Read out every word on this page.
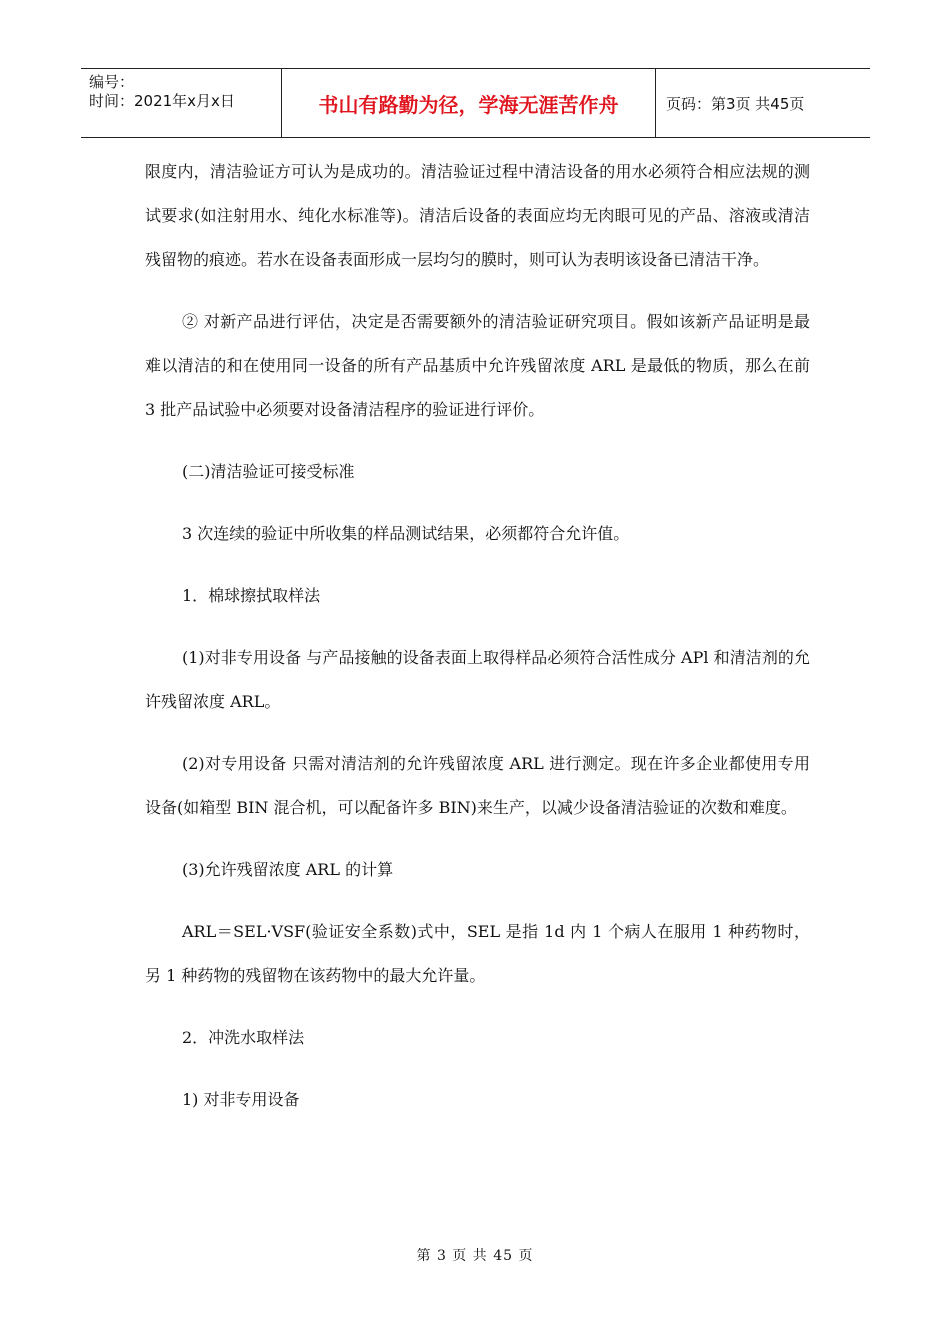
编号：
时间：2021年x月x日	书山有路勤为径，学海无涯苦作舟	页码：第3页 共45页

限度内，清洁验证方可认为是成功的。清洁验证过程中清洁设备的用水必须符合相应法规的测试要求(如注射用水、纯化水标准等)。清洁后设备的表面应均无肉眼可见的产品、溶液或清洁残留物的痕迹。若水在设备表面形成一层均匀的膜时，则可认为表明该设备已清洁干净。

② 对新产品进行评估，决定是否需要额外的清洁验证研究项目。假如该新产品证明是最难以清洁的和在使用同一设备的所有产品基质中允许残留浓度 ARL 是最低的物质，那么在前 3 批产品试验中必须要对设备清洁程序的验证进行评价。

(二)清洁验证可接受标准

3 次连续的验证中所收集的样品测试结果，必须都符合允许值。

1．棉球擦拭取样法

(1)对非专用设备 与产品接触的设备表面上取得样品必须符合活性成分 APl 和清洁剂的允许残留浓度 ARL。

(2)对专用设备 只需对清洁剂的允许残留浓度 ARL 进行测定。现在许多企业都使用专用设备(如箱型 BIN 混合机，可以配备许多 BIN)来生产，以减少设备清洁验证的次数和难度。

(3)允许残留浓度 ARL 的计算

ARL＝SEL·VSF(验证安全系数)式中，SEL 是指 1d 内 1 个病人在服用 1 种药物时，另 1 种药物的残留物在该药物中的最大允许量。

2．冲洗水取样法

1) 对非专用设备

第 3 页 共 45 页
